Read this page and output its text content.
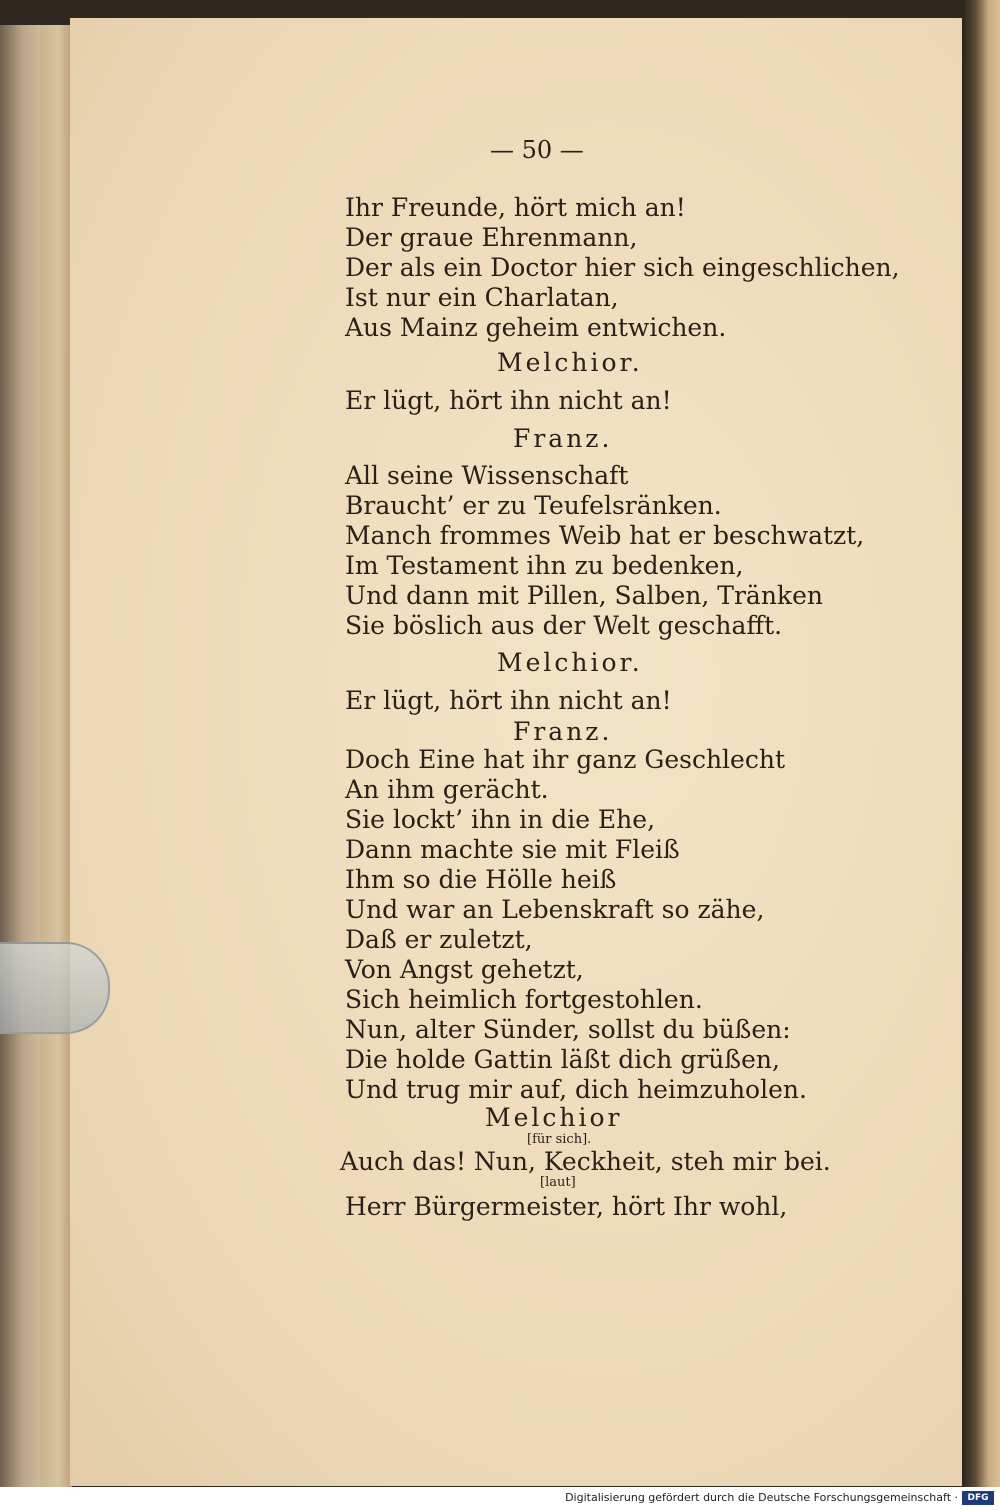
— 50 —
Ihr Freunde, hört mich an!
Der graue Ehrenmann,
Der als ein Doctor hier sich eingeschlichen,
Ist nur ein Charlatan,
Aus Mainz geheim entwichen.
Melchior.
Er lügt, hört ihn nicht an!
Franz.
All seine Wissenschaft
Braucht’ er zu Teufelsränken.
Manch frommes Weib hat er beschwatzt,
Im Testament ihn zu bedenken,
Und dann mit Pillen, Salben, Tränken
Sie böslich aus der Welt geschafft.
Melchior.
Er lügt, hört ihn nicht an!
Franz.
Doch Eine hat ihr ganz Geschlecht
An ihm gerächt.
Sie lockt’ ihn in die Ehe,
Dann machte sie mit Fleiß
Ihm so die Hölle heiß
Und war an Lebenskraft so zähe,
Daß er zuletzt,
Von Angst gehetzt,
Sich heimlich fortgestohlen.
Nun, alter Sünder, sollst du büßen:
Die holde Gattin läßt dich grüßen,
Und trug mir auf, dich heimzuholen.
Melchior
[für sich].
Auch das! Nun, Keckheit, steh mir bei.
[laut]
Herr Bürgermeister, hört Ihr wohl,
Digitalisierung gefördert durch die Deutsche Forschungsgemeinschaft ·	DFG
